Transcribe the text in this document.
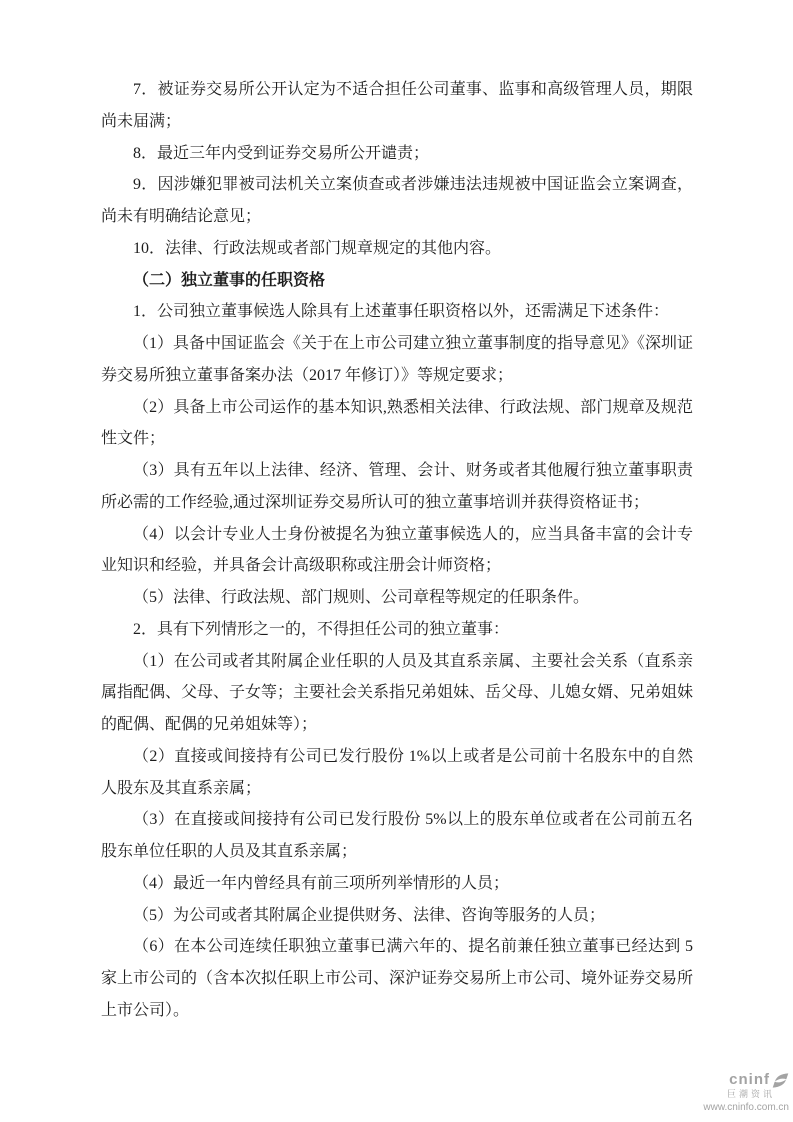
7．被证券交易所公开认定为不适合担任公司董事、监事和高级管理人员，期限尚未届满；

8．最近三年内受到证券交易所公开谴责；

9．因涉嫌犯罪被司法机关立案侦查或者涉嫌违法违规被中国证监会立案调查，尚未有明确结论意见；

10．法律、行政法规或者部门规章规定的其他内容。

（二）独立董事的任职资格

1．公司独立董事候选人除具有上述董事任职资格以外，还需满足下述条件：

（1）具备中国证监会《关于在上市公司建立独立董事制度的指导意见》《深圳证券交易所独立董事备案办法（2017 年修订）》等规定要求；

（2）具备上市公司运作的基本知识,熟悉相关法律、行政法规、部门规章及规范性文件；

（3）具有五年以上法律、经济、管理、会计、财务或者其他履行独立董事职责所必需的工作经验,通过深圳证券交易所认可的独立董事培训并获得资格证书；

（4）以会计专业人士身份被提名为独立董事候选人的，应当具备丰富的会计专业知识和经验，并具备会计高级职称或注册会计师资格；

（5）法律、行政法规、部门规则、公司章程等规定的任职条件。

2．具有下列情形之一的，不得担任公司的独立董事：

（1）在公司或者其附属企业任职的人员及其直系亲属、主要社会关系（直系亲属指配偶、父母、子女等；主要社会关系指兄弟姐妹、岳父母、儿媳女婿、兄弟姐妹的配偶、配偶的兄弟姐妹等）；

（2）直接或间接持有公司已发行股份 1%以上或者是公司前十名股东中的自然人股东及其直系亲属；

（3）在直接或间接持有公司已发行股份 5%以上的股东单位或者在公司前五名股东单位任职的人员及其直系亲属；

（4）最近一年内曾经具有前三项所列举情形的人员；

（5）为公司或者其附属企业提供财务、法律、咨询等服务的人员；

（6）在本公司连续任职独立董事已满六年的、提名前兼任独立董事已经达到 5 家上市公司的（含本次拟任职上市公司、深沪证券交易所上市公司、境外证券交易所上市公司）。

cninf
巨潮资讯
www.cninfo.com.cn
